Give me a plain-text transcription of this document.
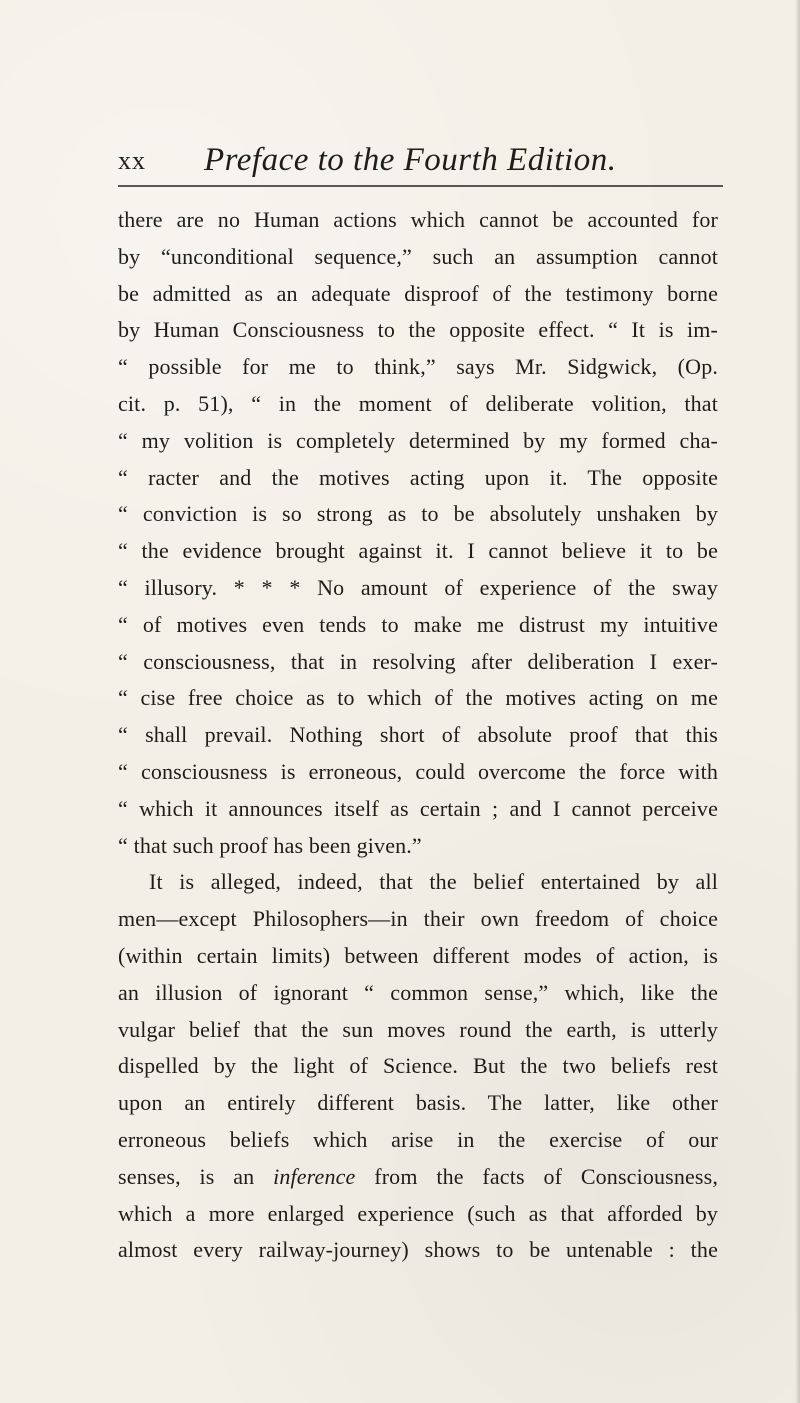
xx Preface to the Fourth Edition.
there are no Human actions which cannot be accounted for
by “unconditional sequence,” such an assumption cannot
be admitted as an adequate disproof of the testimony borne
by Human Consciousness to the opposite effect. “ It is im-
“ possible for me to think,” says Mr. Sidgwick, (Op.
cit. p. 51), “ in the moment of deliberate volition, that
“ my volition is completely determined by my formed cha-
“ racter and the motives acting upon it. The opposite
“ conviction is so strong as to be absolutely unshaken by
“ the evidence brought against it. I cannot believe it to be
“ illusory. * * * No amount of experience of the sway
“ of motives even tends to make me distrust my intuitive
“ consciousness, that in resolving after deliberation I exer-
“ cise free choice as to which of the motives acting on me
“ shall prevail. Nothing short of absolute proof that this
“ consciousness is erroneous, could overcome the force with
“ which it announces itself as certain ; and I cannot perceive
“ that such proof has been given.”
It is alleged, indeed, that the belief entertained by all
men—except Philosophers—in their own freedom of choice
(within certain limits) between different modes of action, is
an illusion of ignorant “ common sense,” which, like the
vulgar belief that the sun moves round the earth, is utterly
dispelled by the light of Science. But the two beliefs rest
upon an entirely different basis. The latter, like other
erroneous beliefs which arise in the exercise of our
senses, is an inference from the facts of Consciousness,
which a more enlarged experience (such as that afforded by
almost every railway-journey) shows to be untenable : the
